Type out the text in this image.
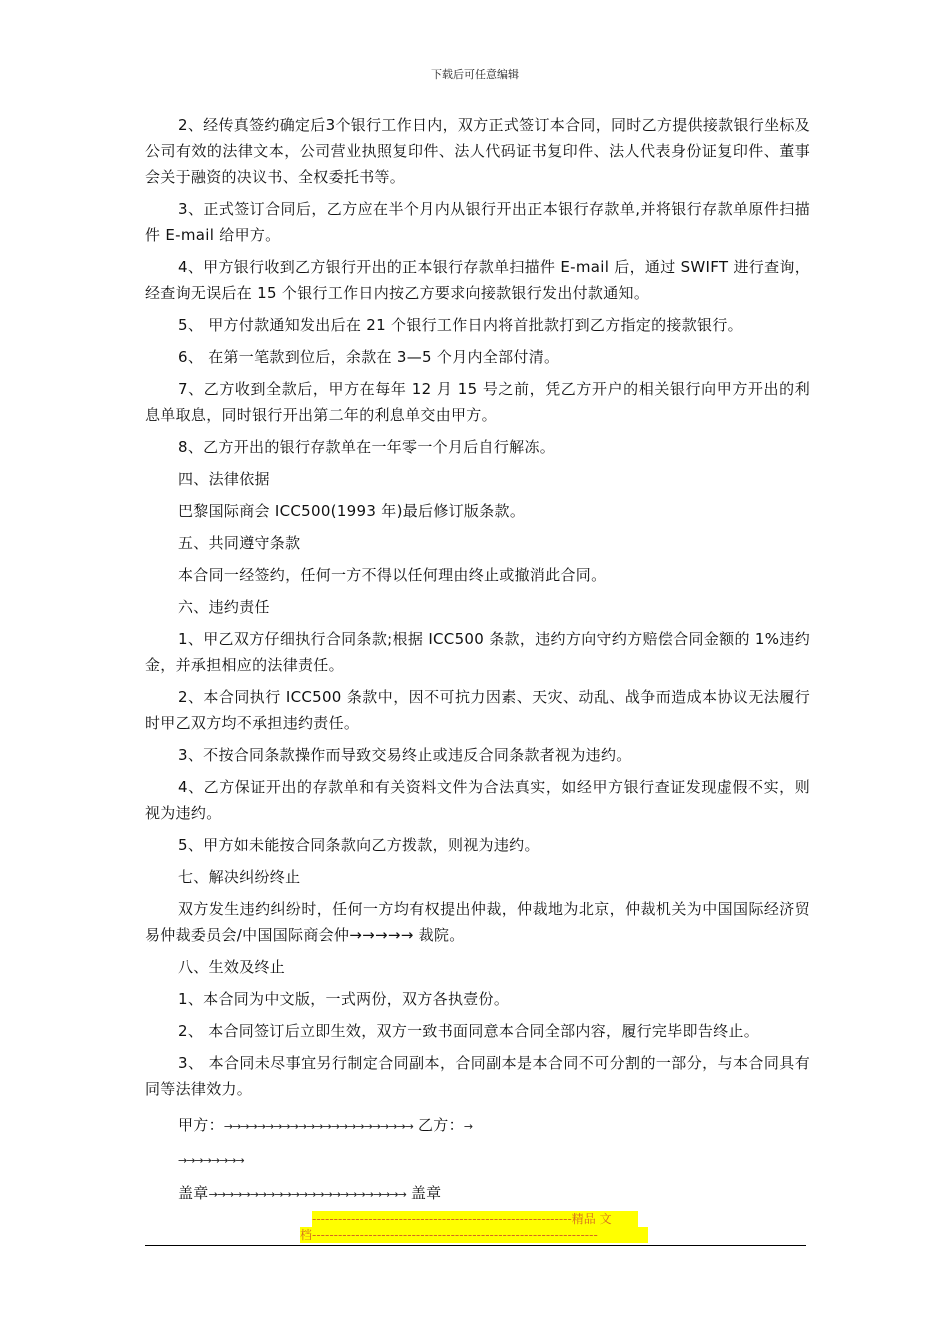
下载后可任意编辑

2、经传真签约确定后3个银行工作日内，双方正式签订本合同，同时乙方提供接款银行坐标及公司有效的法律文本，公司营业执照复印件、法人代码证书复印件、法人代表身份证复印件、董事会关于融资的决议书、全权委托书等。

3、正式签订合同后，乙方应在半个月内从银行开出正本银行存款单,并将银行存款单原件扫描件 E-mail 给甲方。

4、甲方银行收到乙方银行开出的正本银行存款单扫描件 E-mail 后，通过 SWIFT 进行查询，经查询无误后在 15 个银行工作日内按乙方要求向接款银行发出付款通知。

5、 甲方付款通知发出后在 21 个银行工作日内将首批款打到乙方指定的接款银行。

6、 在第一笔款到位后，余款在 3—5 个月内全部付清。

7、乙方收到全款后，甲方在每年 12 月 15 号之前，凭乙方开户的相关银行向甲方开出的利息单取息，同时银行开出第二年的利息单交由甲方。

8、乙方开出的银行存款单在一年零一个月后自行解冻。

四、法律依据

巴黎国际商会 ICC500(1993 年)最后修订版条款。

五、共同遵守条款

本合同一经签约，任何一方不得以任何理由终止或撤消此合同。

六、违约责任

1、甲乙双方仔细执行合同条款;根据 ICC500 条款，违约方向守约方赔偿合同金额的 1%违约金，并承担相应的法律责任。

2、本合同执行 ICC500 条款中，因不可抗力因素、天灾、动乱、战争而造成本协议无法履行时甲乙双方均不承担违约责任。

3、不按合同条款操作而导致交易终止或违反合同条款者视为违约。

4、乙方保证开出的存款单和有关资料文件为合法真实，如经甲方银行查证发现虚假不实，则视为违约。

5、甲方如未能按合同条款向乙方拨款，则视为违约。

七、解决纠纷终止

双方发生违约纠纷时，任何一方均有权提出仲裁，仲裁地为北京，仲裁机关为中国国际经济贸易仲裁委员会/中国国际商会仲→→→→→ 裁院。

八、生效及终止

1、本合同为中文版，一式两份，双方各执壹份。

2、 本合同签订后立即生效，双方一致书面同意本合同全部内容，履行完毕即告终止。

3、 本合同未尽事宜另行制定合同副本，合同副本是本合同不可分割的一部分，与本合同具有同等法律效力。

甲方：→→→→→→→→→→→→→→→→→→→→→→→ 乙方：→

→→→→→→→→

盖章→→→→→→→→→→→→→→→→→→→→→→→→ 盖章

------------------------------------------------------------精品 文
档------------------------------------------------------------------
